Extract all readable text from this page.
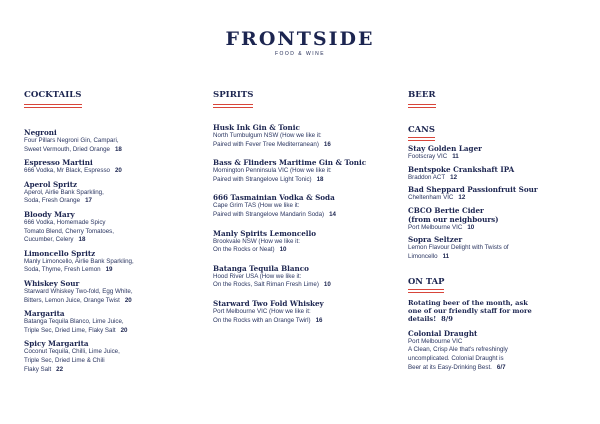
FRONTSIDE
FOOD & WINE
COCKTAILS
Negroni
Four Pillars Negroni Gin, Campari,
Sweet Vermouth, Dried Orange 18
Espresso Martini
666 Vodka, Mr Black, Espresso 20
Aperol Spritz
Aperol, Airlie Bank Sparkling,
Soda, Fresh Orange 17
Bloody Mary
666 Vodka, Homemade Spicy
Tomato Blend, Cherry Tomatoes,
Cucumber, Celery 18
Limoncello Spritz
Manly Limoncello, Airlie Bank Sparkling,
Soda, Thyme, Fresh Lemon 19
Whiskey Sour
Starward Whiskey Two-fold, Egg White,
Bitters, Lemon Juice, Orange Twist 20
Margarita
Batanga Tequila Blanco, Lime Juice,
Triple Sec, Dried Lime, Flaky Salt 20
Spicy Margarita
Coconut Tequila, Chilli, Lime Juice,
Triple Sec, Dried Lime & Chili
Flaky Salt 22
SPIRITS
Husk Ink Gin & Tonic
North Tumbulgum NSW (How we like it:
Paired with Fever Tree Mediterranean) 16
Bass & Flinders Maritime Gin & Tonic
Mornington Penninsula VIC (How we like it:
Paired with Strangelove Light Tonic) 18
666 Tasmainian Vodka & Soda
Cape Grim TAS (How we like it:
Paired with Strangelove Mandarin Soda) 14
Manly Spirits Lemoncello
Brookvale NSW (How we like it:
On the Rocks or Neat) 10
Batanga Tequila Blanco
Hood River USA (How we like it:
On the Rocks, Salt Riman Fresh Lime) 10
Starward Two Fold Whiskey
Port Melbourne VIC (How we like it:
On the Rocks with an Orange Twirl) 16
BEER
CANS
Stay Golden Lager
Footscray VIC 11
Bentspoke Crankshaft IPA
Braddon ACT 12
Bad Sheppard Passionfruit Sour
Cheltenham VIC 12
CBCO Bertie Cider
(from our neighbours)
Port Melbourne VIC 10
Sopra Seltzer
Lemon Flavour Delight with Twists of
Limoncello 11
ON TAP
Rotating beer of the month, ask
one of our friendly staff for more
details! 8/9
Colonial Draught
Port Melbourne VIC
A Clean, Crisp Ale that's refreshingly
uncomplicated. Colonial Draught is
Beer at its Easy-Drinking Best. 6/7
